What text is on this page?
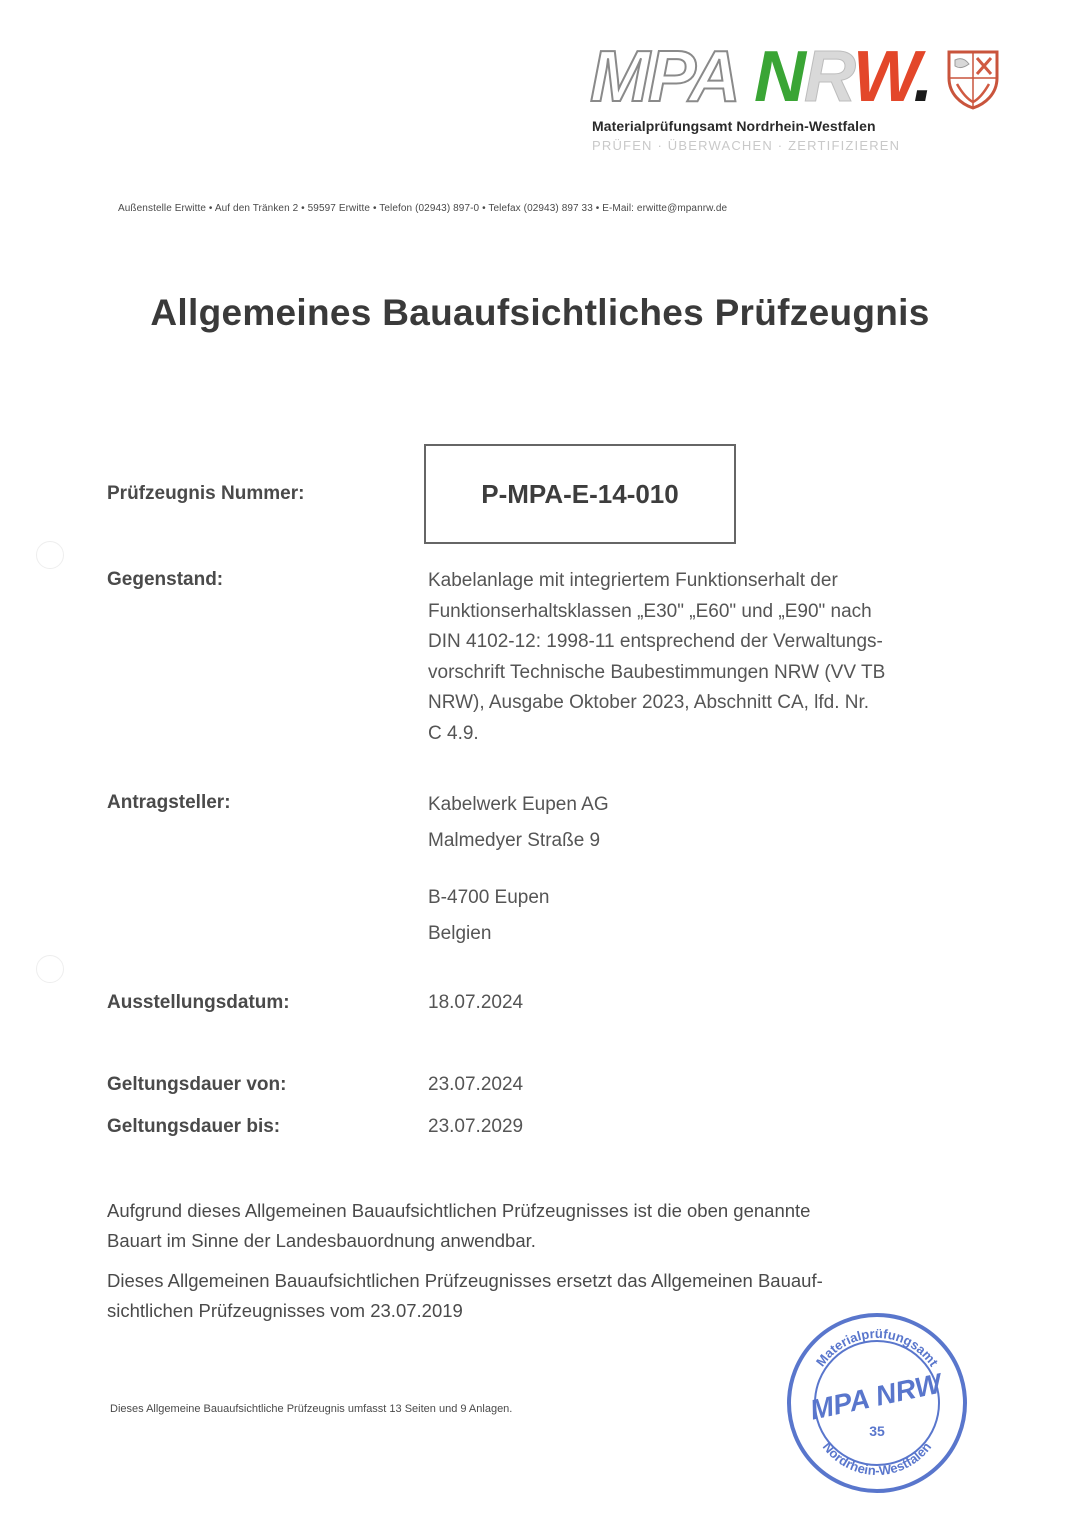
MPA NRW.
Materialprüfungsamt Nordrhein-Westfalen
PRÜFEN · ÜBERWACHEN · ZERTIFIZIEREN
Außenstelle Erwitte • Auf den Tränken 2 • 59597 Erwitte • Telefon (02943) 897-0 • Telefax (02943) 897 33 • E-Mail: erwitte@mpanrw.de
Allgemeines Bauaufsichtliches Prüfzeugnis
Prüfzeugnis Nummer:	P-MPA-E-14-010
Gegenstand:	Kabelanlage mit integriertem Funktionserhalt der
Funktionserhaltsklassen „E30" „E60" und „E90" nach
DIN 4102-12: 1998-11 entsprechend der Verwaltungs-
vorschrift Technische Baubestimmungen NRW (VV TB
NRW), Ausgabe Oktober 2023, Abschnitt CA, lfd. Nr.
C 4.9.
Antragsteller:	Kabelwerk Eupen AG
Malmedyer Straße 9
B-4700 Eupen
Belgien
Ausstellungsdatum:	18.07.2024
Geltungsdauer von:	23.07.2024
Geltungsdauer bis:	23.07.2029
Aufgrund dieses Allgemeinen Bauaufsichtlichen Prüfzeugnisses ist die oben genannte
Bauart im Sinne der Landesbauordnung anwendbar.
Dieses Allgemeinen Bauaufsichtlichen Prüfzeugnisses ersetzt das Allgemeinen Bauauf-
sichtlichen Prüfzeugnisses vom 23.07.2019
Dieses Allgemeine Bauaufsichtliche Prüfzeugnis umfasst 13 Seiten und 9 Anlagen.
Materialprüfungsamt
Nordrhein-Westfalen
MPA NRW
35
